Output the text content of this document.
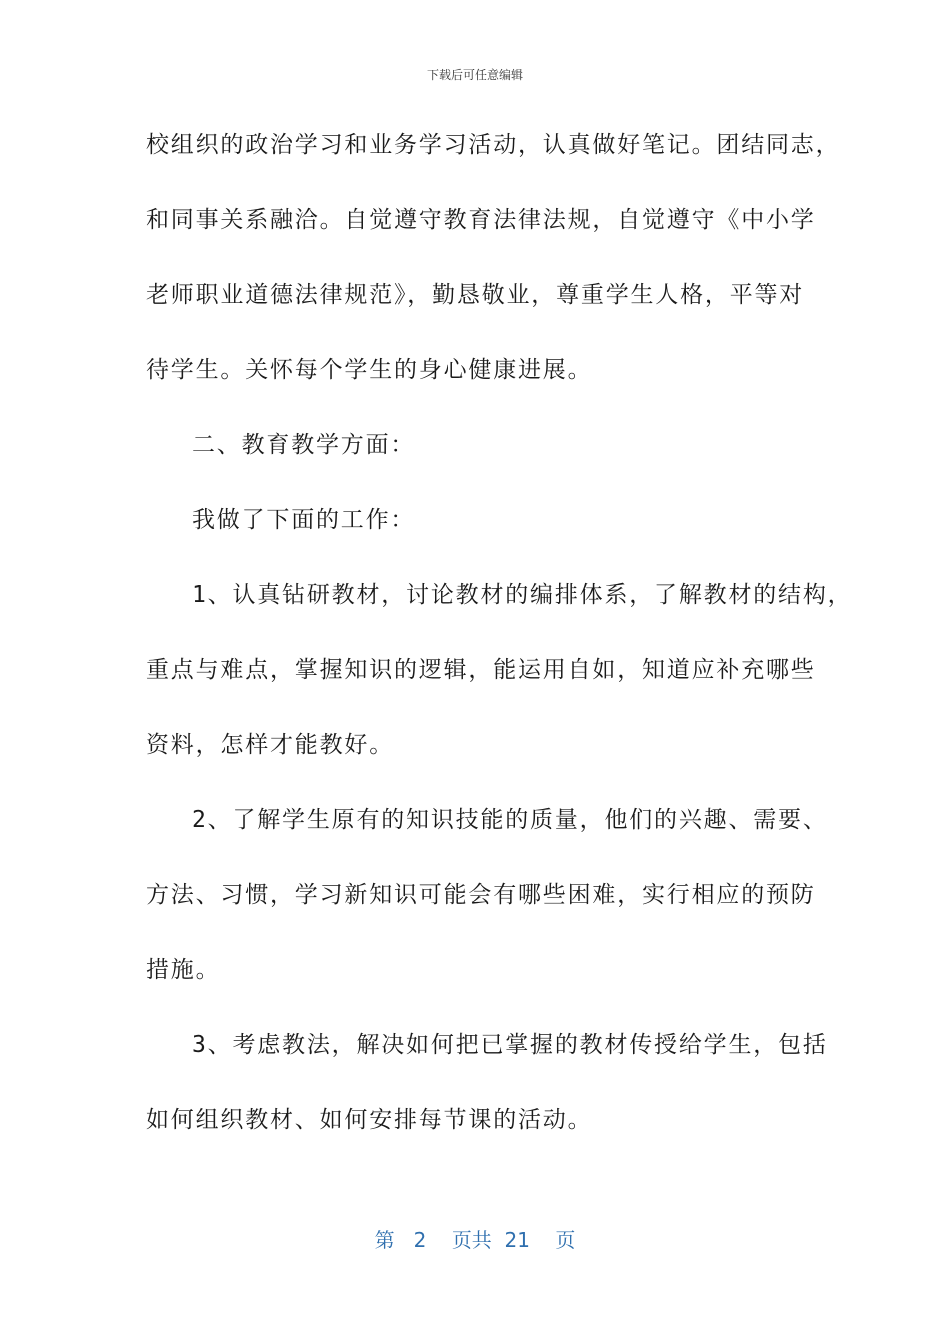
下载后可任意编辑
校组织的政治学习和业务学习活动，认真做好笔记。团结同志，
和同事关系融洽。自觉遵守教育法律法规，自觉遵守《中小学
老师职业道德法律规范》，勤恳敬业，尊重学生人格，平等对
待学生。关怀每个学生的身心健康进展。
二、教育教学方面：
我做了下面的工作：
1、认真钻研教材，讨论教材的编排体系，了解教材的结构，
重点与难点，掌握知识的逻辑，能运用自如，知道应补充哪些
资料，怎样才能教好。
2、了解学生原有的知识技能的质量，他们的兴趣、需要、
方法、习惯，学习新知识可能会有哪些困难，实行相应的预防
措施。
3、考虑教法，解决如何把已掌握的教材传授给学生，包括
如何组织教材、如何安排每节课的活动。
第 2 页共 21 页
